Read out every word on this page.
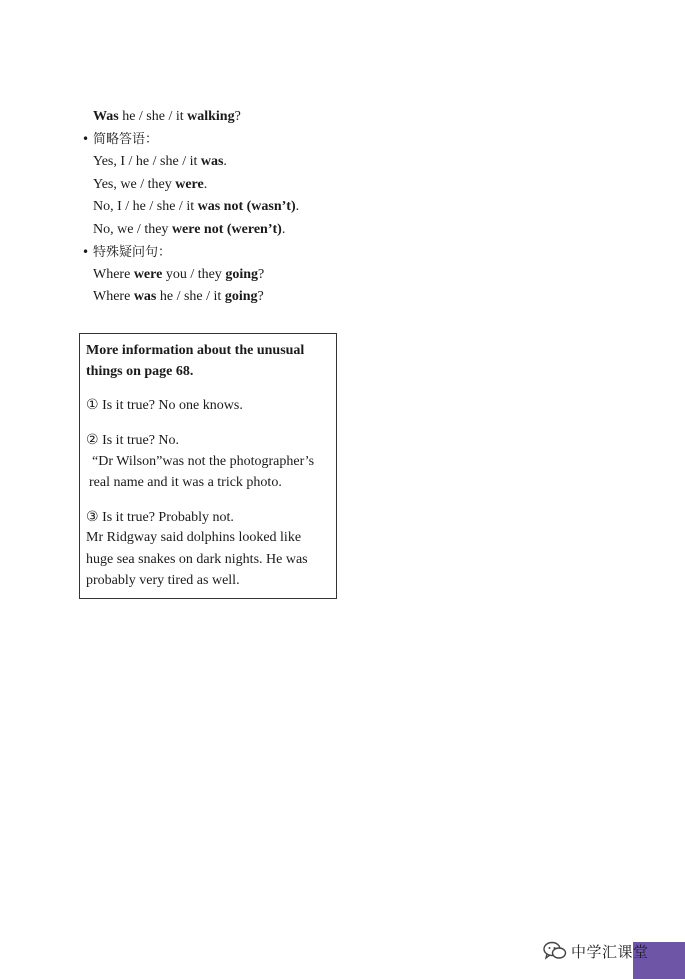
Was he / she / it walking?
• 简略答语：
Yes, I / he / she / it was.
Yes, we / they were.
No, I / he / she / it was not (wasn’t).
No, we / they were not (weren’t).
• 特殊疑问句：
Where were you / they going?
Where was he / she / it going?
More information about the unusual
things on page 68.
① Is it true? No one knows.
② Is it true? No.
“Dr Wilson”was not the photographer’s
real name and it was a trick photo.
③ Is it true? Probably not.
Mr Ridgway said dolphins looked like
huge sea snakes on dark nights. He was
probably very tired as well.
中学汇课堂
